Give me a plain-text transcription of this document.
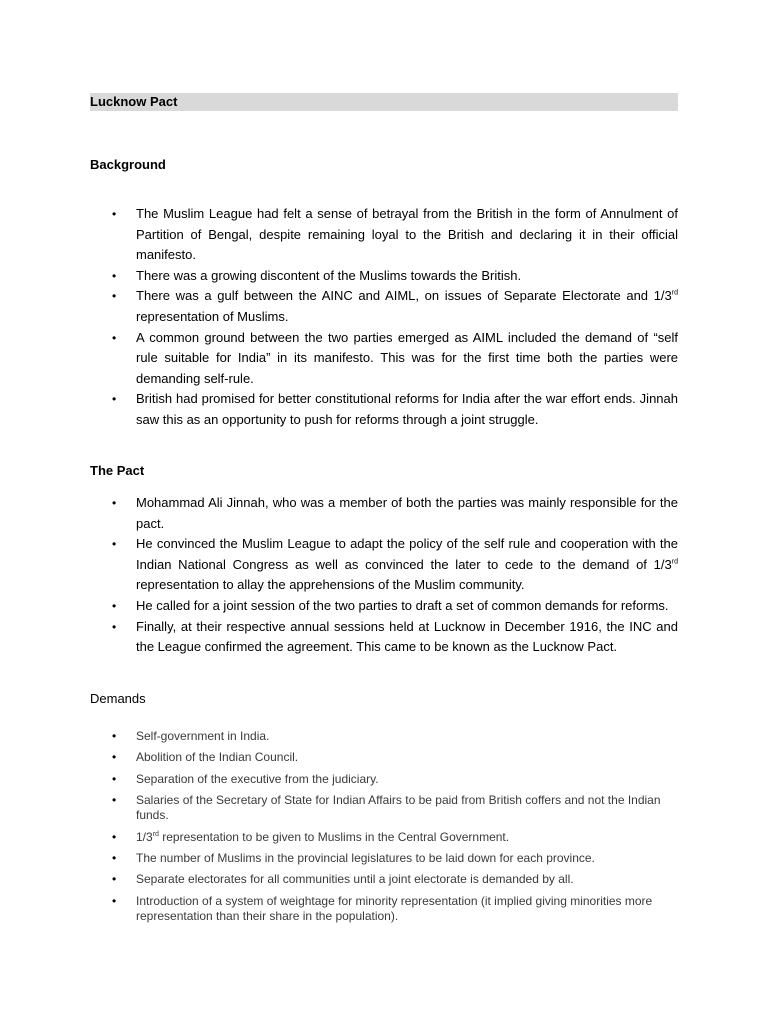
Lucknow Pact
Background
• The Muslim League had felt a sense of betrayal from the British in the form of Annulment of Partition of Bengal, despite remaining loyal to the British and declaring it in their official manifesto.
• There was a growing discontent of the Muslims towards the British.
• There was a gulf between the AINC and AIML, on issues of Separate Electorate and 1/3rd representation of Muslims.
• A common ground between the two parties emerged as AIML included the demand of “self rule suitable for India” in its manifesto. This was for the first time both the parties were demanding self-rule.
• British had promised for better constitutional reforms for India after the war effort ends. Jinnah saw this as an opportunity to push for reforms through a joint struggle.
The Pact
• Mohammad Ali Jinnah, who was a member of both the parties was mainly responsible for the pact.
• He convinced the Muslim League to adapt the policy of the self rule and cooperation with the Indian National Congress as well as convinced the later to cede to the demand of 1/3rd representation to allay the apprehensions of the Muslim community.
• He called for a joint session of the two parties to draft a set of common demands for reforms.
• Finally, at their respective annual sessions held at Lucknow in December 1916, the INC and the League confirmed the agreement. This came to be known as the Lucknow Pact.
Demands
• Self-government in India.
• Abolition of the Indian Council.
• Separation of the executive from the judiciary.
• Salaries of the Secretary of State for Indian Affairs to be paid from British coffers and not the Indian funds.
• 1/3rd representation to be given to Muslims in the Central Government.
• The number of Muslims in the provincial legislatures to be laid down for each province.
• Separate electorates for all communities until a joint electorate is demanded by all.
• Introduction of a system of weightage for minority representation (it implied giving minorities more representation than their share in the population).
